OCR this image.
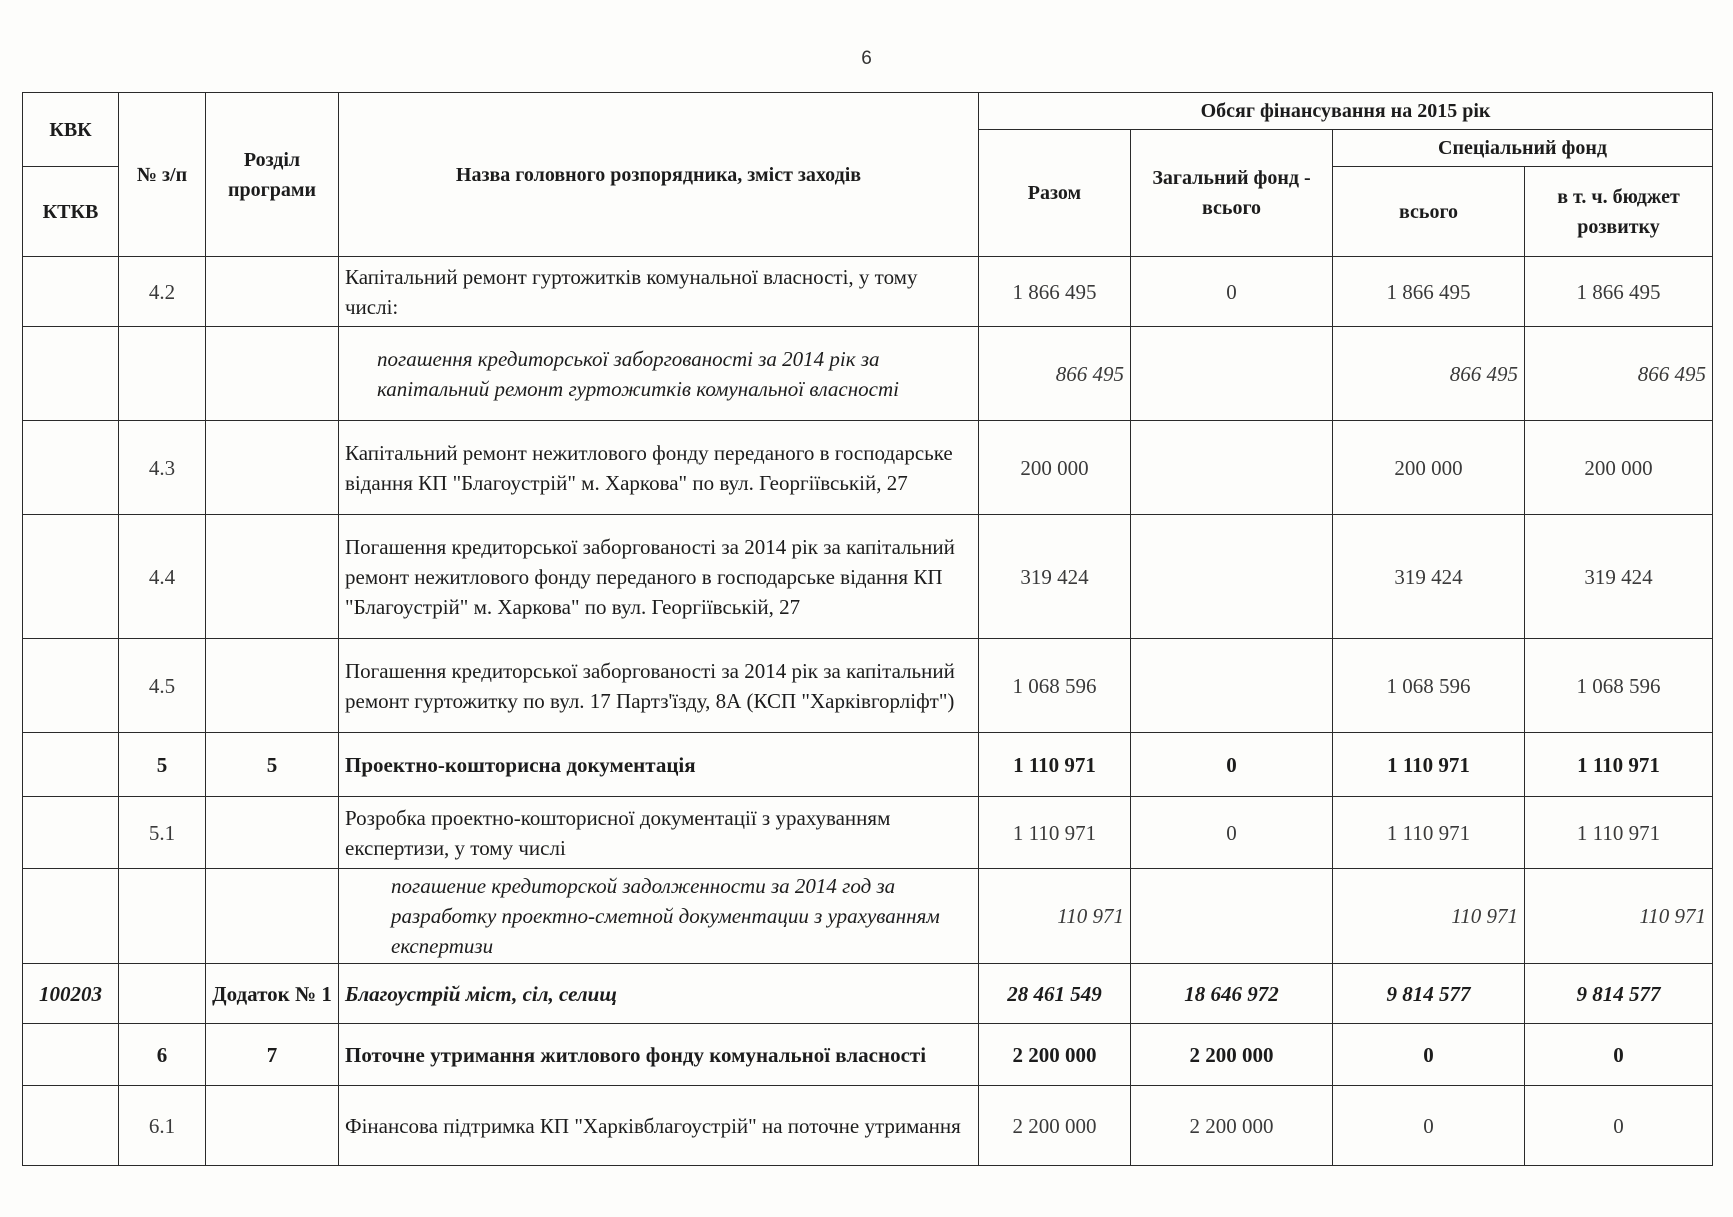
6
КВК	№ з/п	Розділ програми	Назва головного розпорядника, зміст заходів	Обсяг фінансування на 2015 рік			
				Разом	Загальний фонд - всього	Спеціальний фонд	
КТКВ						всього	в т. ч. бюджет розвитку
	4.2		Капітальний ремонт гуртожитків комунальної власності, у тому числі:	1 866 495	0	1 866 495	1 866 495
			погашення кредиторської заборгованості за 2014 рік за капітальний ремонт гуртожитків комунальної власності	866 495		866 495	866 495
	4.3		Капітальний ремонт нежитлового фонду переданого в господарське відання КП "Благоустрій" м. Харкова" по вул. Георгіївській, 27	200 000		200 000	200 000
	4.4		Погашення кредиторської заборгованості за 2014 рік за капітальний ремонт нежитлового фонду переданого в господарське відання КП "Благоустрій" м. Харкова" по вул. Георгіївській, 27	319 424		319 424	319 424
	4.5		Погашення кредиторської заборгованості за 2014 рік за капітальний ремонт гуртожитку по вул. 17 Партз'їзду, 8А (КСП "Харківгорліфт")	1 068 596		1 068 596	1 068 596
	5	5	Проектно-кошторисна документація	1 110 971	0	1 110 971	1 110 971
	5.1		Розробка проектно-кошторисної документації з урахуванням експертизи, у тому числі	1 110 971	0	1 110 971	1 110 971
			погашение кредиторской задолженности за 2014 год за разработку проектно-сметной документации з урахуванням експертизи	110 971		110 971	110 971
100203		Додаток № 1	Благоустрій міст, сіл, селищ	28 461 549	18 646 972	9 814 577	9 814 577
	6	7	Поточне утримання житлового фонду комунальної власності	2 200 000	2 200 000	0	0
	6.1		Фінансова підтримка КП "Харківблагоустрій" на поточне утримання	2 200 000	2 200 000	0	0
